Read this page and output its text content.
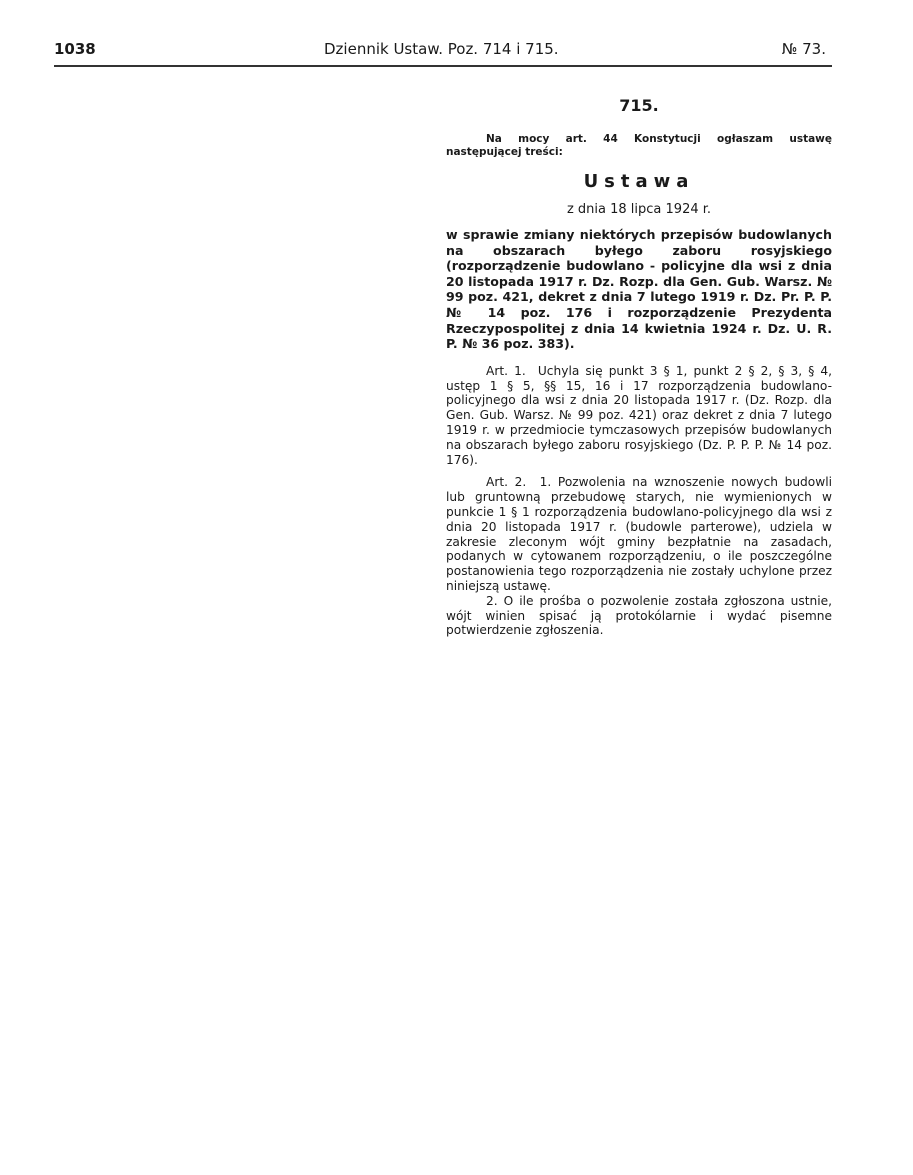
1038	Dziennik Ustaw. Poz. 714 i 715.	№ 73.
715.

Na mocy art. 44 Konstytucji ogłaszam ustawę następującej treści:

Ustawa
z dnia 18 lipca 1924 r.

w sprawie zmiany niektórych przepisów budowlanych na obszarach byłego zaboru rosyjskiego (rozporządzenie budowlano - policyjne dla wsi z dnia 20 listopada 1917 r. Dz. Rozp. dla Gen. Gub. Warsz. № 99 poz. 421, dekret z dnia 7 lutego 1919 r. Dz. Pr. P. P. № 14 poz. 176 i rozporządzenie Prezydenta Rzeczypospolitej z dnia 14 kwietnia 1924 r. Dz. U. R. P. № 36 poz. 383).

Art. 1. Uchyla się punkt 3 § 1, punkt 2 § 2, § 3, § 4, ustęp 1 § 5, §§ 15, 16 i 17 rozporządzenia budowlano-policyjnego dla wsi z dnia 20 listopada 1917 r. (Dz. Rozp. dla Gen. Gub. Warsz. № 99 poz. 421) oraz dekret z dnia 7 lutego 1919 r. w przedmiocie tymczasowych przepisów budowlanych na obszarach byłego zaboru rosyjskiego (Dz. P. P. P. № 14 poz. 176).

Art. 2. 1. Pozwolenia na wznoszenie nowych budowli lub gruntowną przebudowę starych, nie wymienionych w punkcie 1 § 1 rozporządzenia budowlano-policyjnego dla wsi z dnia 20 listopada 1917 r. (budowle parterowe), udziela w zakresie zleconym wójt gminy bezpłatnie na zasadach, podanych w cytowanem rozporządzeniu, o ile poszczególne postanowienia tego rozporządzenia nie zostały uchylone przez niniejszą ustawę.

2. O ile prośba o pozwolenie została zgłoszona ustnie, wójt winien spisać ją protokólarnie i wydać pisemne potwierdzenie zgłoszenia.
